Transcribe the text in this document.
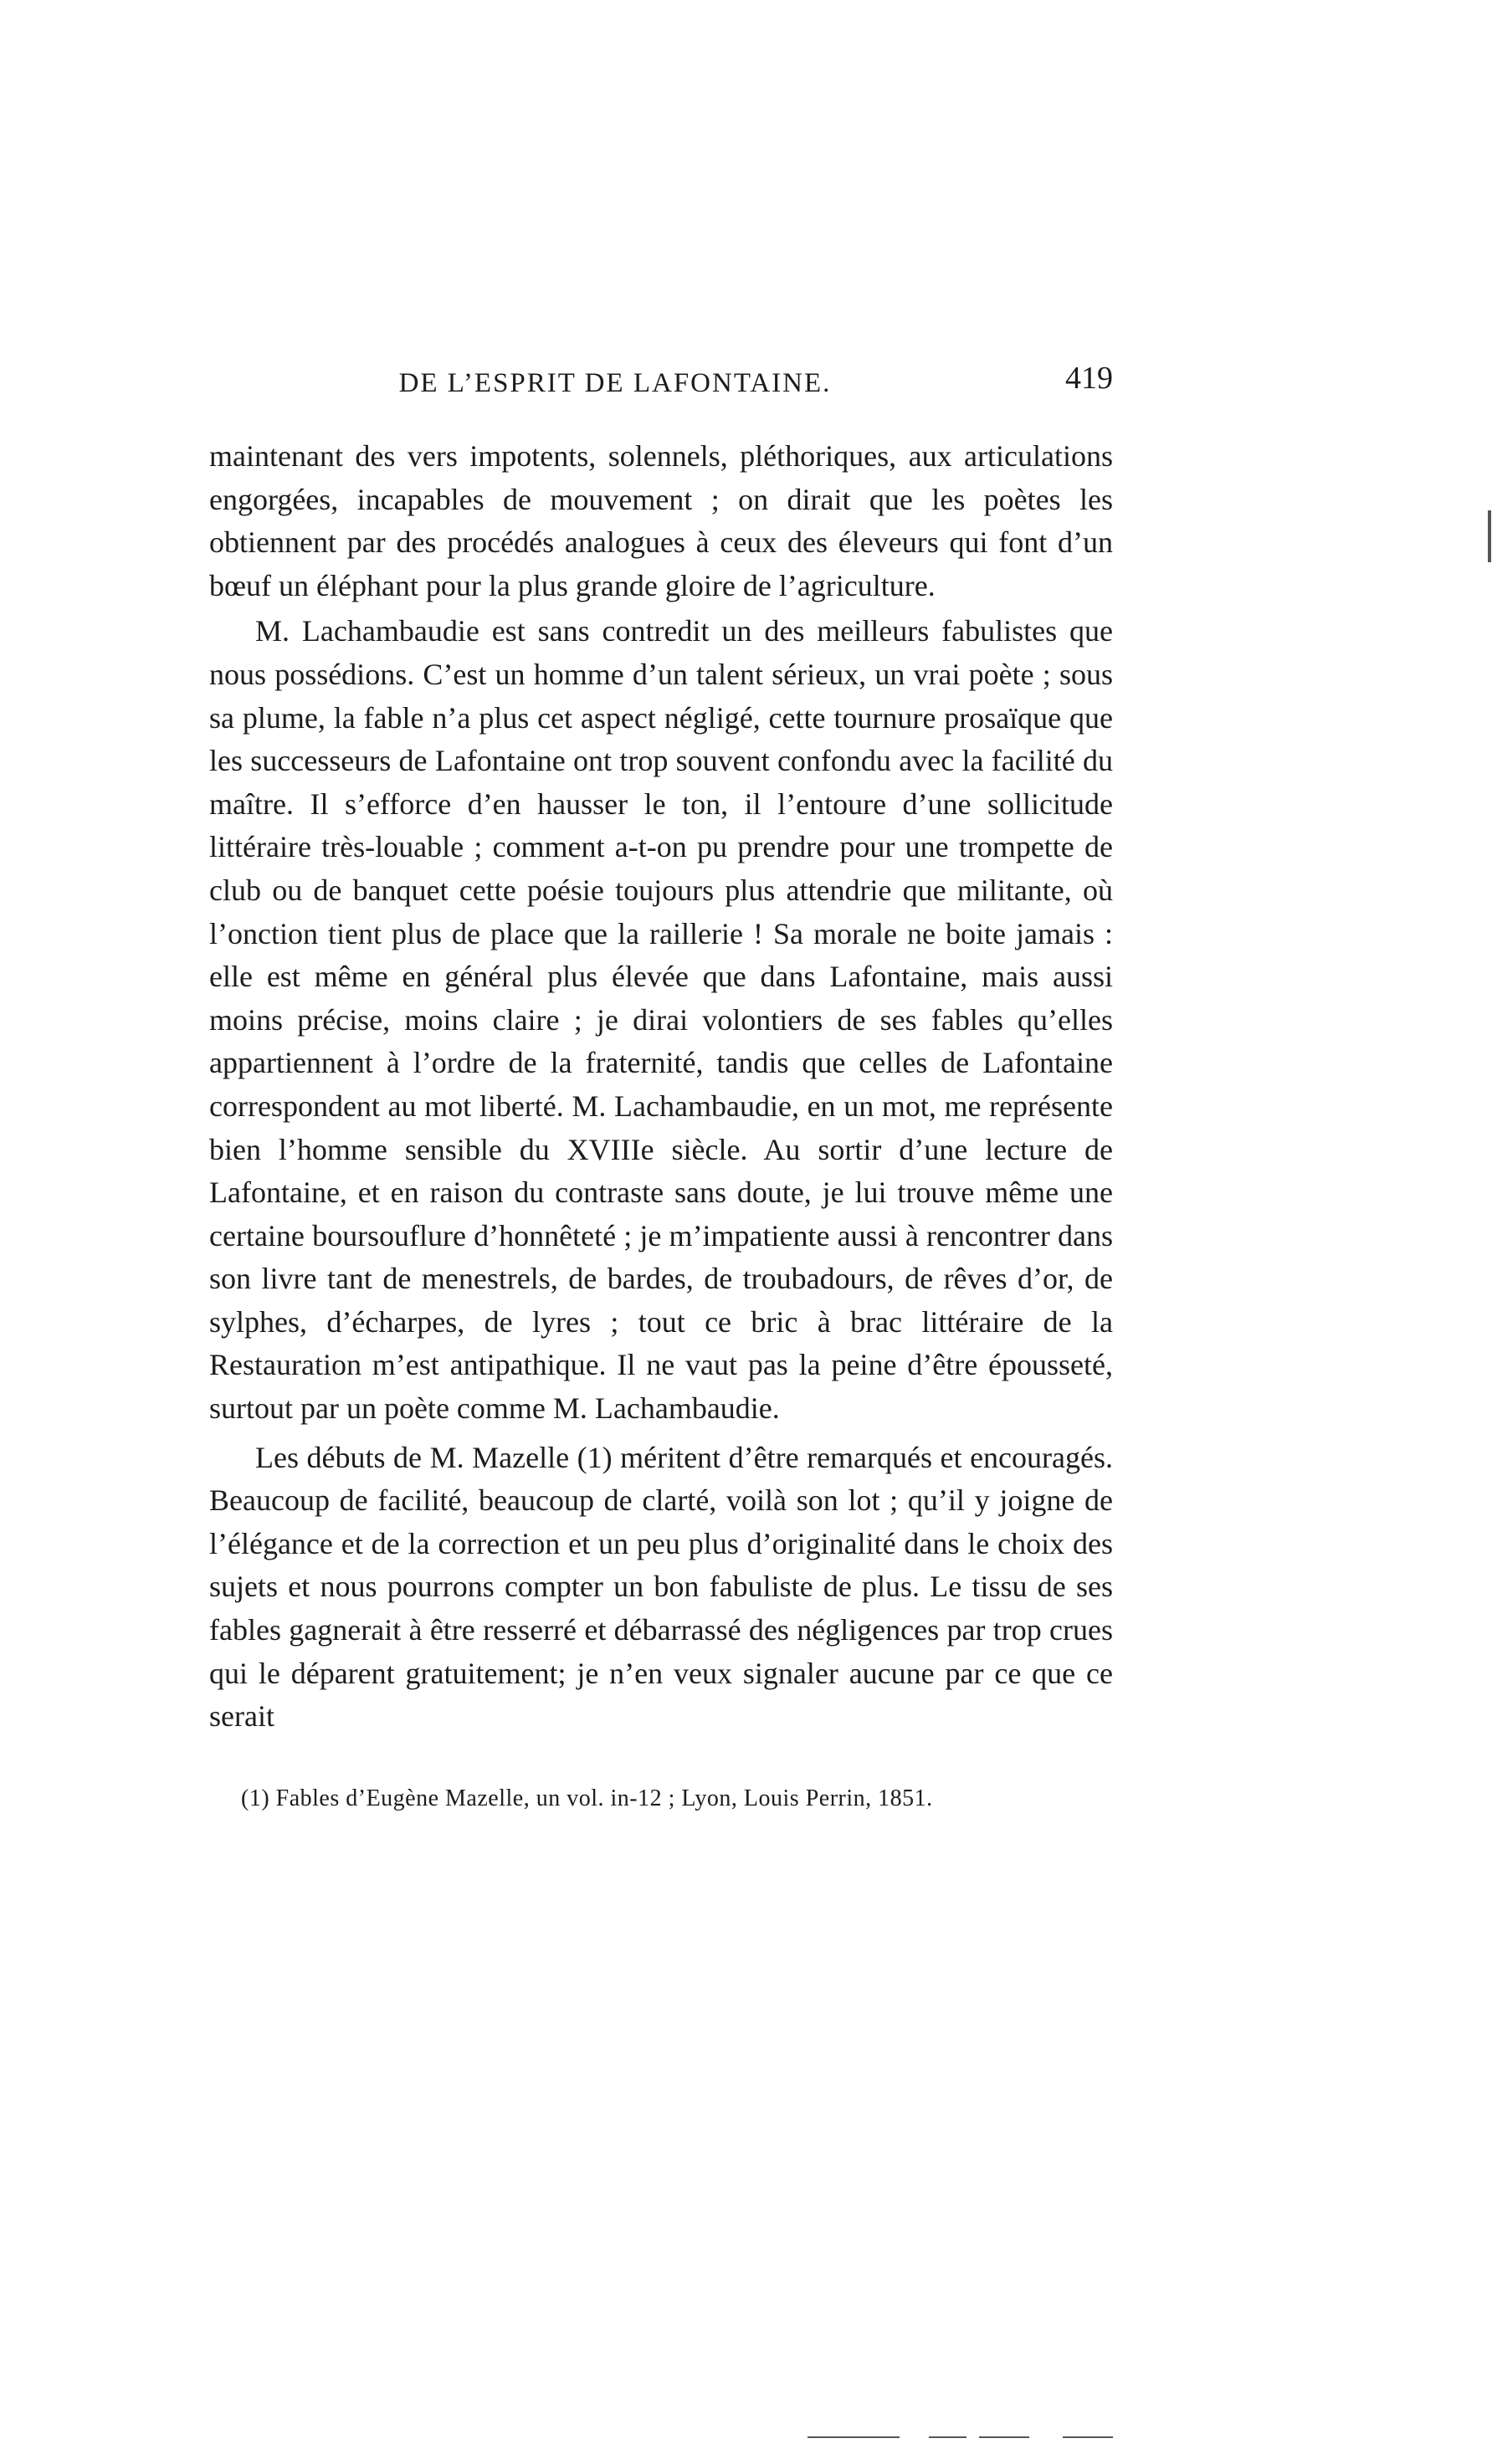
DE L’ESPRIT DE LAFONTAINE.	419

maintenant des vers impotents, solennels, pléthoriques, aux articulations engorgées, incapables de mouvement ; on dirait que les poètes les obtiennent par des procédés analogues à ceux des éleveurs qui font d’un bœuf un éléphant pour la plus grande gloire de l’agriculture.

M. Lachambaudie est sans contredit un des meilleurs fabulistes que nous possédions. C’est un homme d’un talent sérieux, un vrai poète ; sous sa plume, la fable n’a plus cet aspect négligé, cette tournure prosaïque que les successeurs de Lafontaine ont trop souvent confondu avec la facilité du maître. Il s’efforce d’en hausser le ton, il l’entoure d’une sollicitude littéraire très-louable ; comment a-t-on pu prendre pour une trompette de club ou de banquet cette poésie toujours plus attendrie que militante, où l’onction tient plus de place que la raillerie ! Sa morale ne boite jamais : elle est même en général plus élevée que dans Lafontaine, mais aussi moins précise, moins claire ; je dirai volontiers de ses fables qu’elles appartiennent à l’ordre de la fraternité, tandis que celles de Lafontaine correspondent au mot liberté. M. Lachambaudie, en un mot, me représente bien l’homme sensible du XVIIIe siècle. Au sortir d’une lecture de Lafontaine, et en raison du contraste sans doute, je lui trouve même une certaine boursouflure d’honnêteté ; je m’impatiente aussi à rencontrer dans son livre tant de menestrels, de bardes, de troubadours, de rêves d’or, de sylphes, d’écharpes, de lyres ; tout ce bric à brac littéraire de la Restauration m’est antipathique. Il ne vaut pas la peine d’être épousseté, surtout par un poète comme M. Lachambaudie.

Les débuts de M. Mazelle (1) méritent d’être remarqués et encouragés. Beaucoup de facilité, beaucoup de clarté, voilà son lot ; qu’il y joigne de l’élégance et de la correction et un peu plus d’originalité dans le choix des sujets et nous pourrons compter un bon fabuliste de plus. Le tissu de ses fables gagnerait à être resserré et débarrassé des négligences par trop crues qui le déparent gratuitement; je n’en veux signaler aucune par ce que ce serait

(1) Fables d’Eugène Mazelle, un vol. in-12 ; Lyon, Louis Perrin, 1851.
